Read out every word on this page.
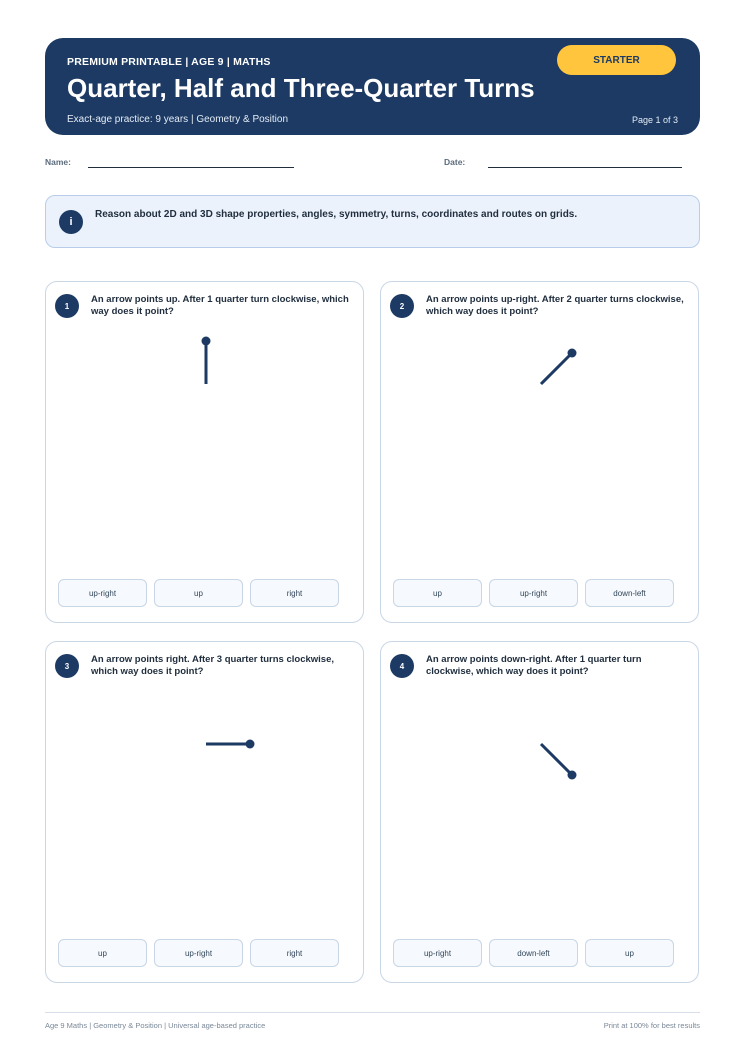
PREMIUM PRINTABLE | AGE 9 | MATHS
Quarter, Half and Three-Quarter Turns
Exact-age practice: 9 years | Geometry & Position	Page 1 of 3
STARTER
Name:	Date:
i
Reason about 2D and 3D shape properties, angles, symmetry, turns, coordinates and routes on grids.
1
An arrow points up. After 1 quarter turn clockwise, which way does it point?
up-right	up	right
2
An arrow points up-right. After 2 quarter turns clockwise, which way does it point?
up	up-right	down-left
3
An arrow points right. After 3 quarter turns clockwise, which way does it point?
up	up-right	right
4
An arrow points down-right. After 1 quarter turn clockwise, which way does it point?
up-right	down-left	up
Age 9 Maths | Geometry & Position | Universal age-based practice	Print at 100% for best results
